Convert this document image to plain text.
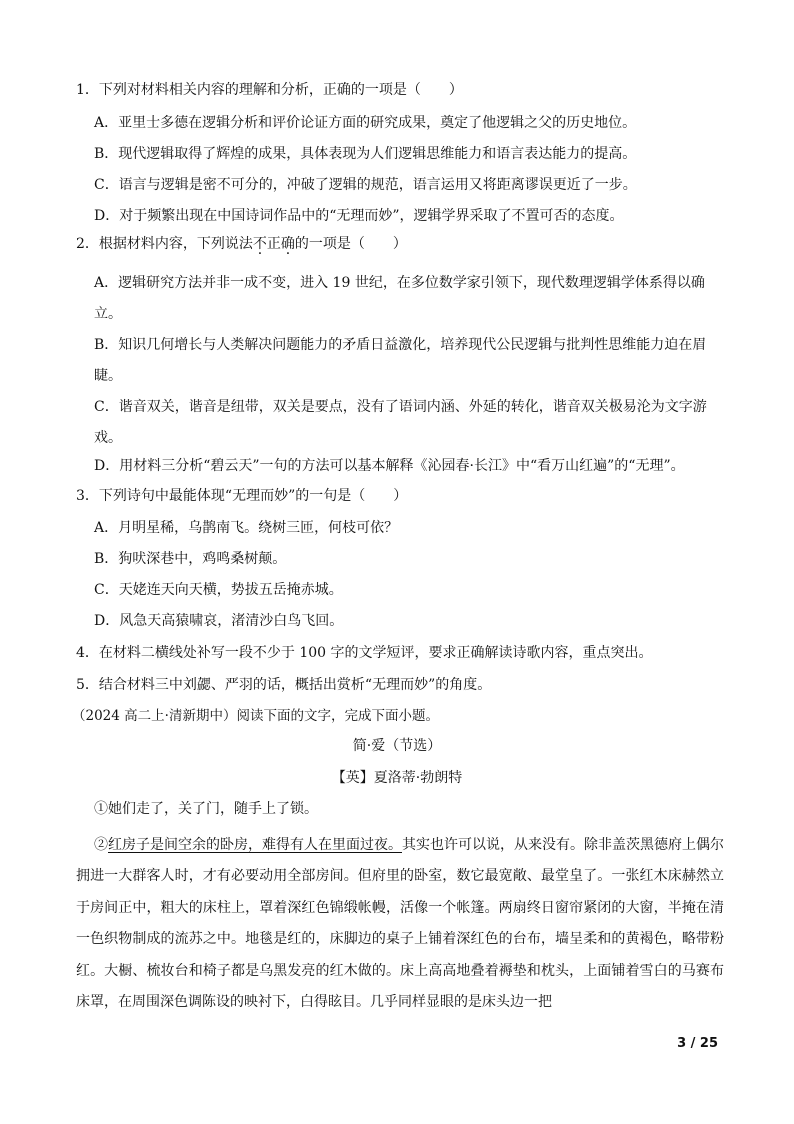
1．下列对材料相关内容的理解和分析，正确的一项是（　　）
A．亚里士多德在逻辑分析和评价论证方面的研究成果，奠定了他逻辑之父的历史地位。
B．现代逻辑取得了辉煌的成果，具体表现为人们逻辑思维能力和语言表达能力的提高。
C．语言与逻辑是密不可分的，冲破了逻辑的规范，语言运用又将距离谬误更近了一步。
D．对于频繁出现在中国诗词作品中的“无理而妙”，逻辑学界采取了不置可否的态度。
2．根据材料内容，下列说法不正确的一项是（　　）
A．逻辑研究方法并非一成不变，进入 19 世纪，在多位数学家引领下，现代数理逻辑学体系得以确立。
B．知识几何增长与人类解决问题能力的矛盾日益激化，培养现代公民逻辑与批判性思维能力迫在眉睫。
C．谐音双关，谐音是纽带，双关是要点，没有了语词内涵、外延的转化，谐音双关极易沦为文字游戏。
D．用材料三分析“碧云天”一句的方法可以基本解释《沁园春·长江》中“看万山红遍”的“无理”。
3．下列诗句中最能体现“无理而妙”的一句是（　　）
A．月明星稀，乌鹊南飞。绕树三匝，何枝可依？
B．狗吠深巷中，鸡鸣桑树颠。
C．天姥连天向天横，势拔五岳掩赤城。
D．风急天高猿啸哀，渚清沙白鸟飞回。
4．在材料二横线处补写一段不少于 100 字的文学短评，要求正确解读诗歌内容，重点突出。
5．结合材料三中刘勰、严羽的话，概括出赏析“无理而妙”的角度。
（2024 高二上·清新期中）阅读下面的文字，完成下面小题。
简·爱（节选）
【英】夏洛蒂·勃朗特
①她们走了，关了门，随手上了锁。
②红房子是间空余的卧房，难得有人在里面过夜。其实也许可以说，从来没有。除非盖茨黑德府上偶尔拥进一大群客人时，才有必要动用全部房间。但府里的卧室，数它最宽敞、最堂皇了。一张红木床赫然立于房间正中，粗大的床柱上，罩着深红色锦缎帐幔，活像一个帐篷。两扇终日窗帘紧闭的大窗，半掩在清一色织物制成的流苏之中。地毯是红的，床脚边的桌子上铺着深红色的台布，墙呈柔和的黄褐色，略带粉红。大橱、梳妆台和椅子都是乌黑发亮的红木做的。床上高高地叠着褥垫和枕头，上面铺着雪白的马赛布床罩，在周围深色调陈设的映衬下，白得眩目。几乎同样显眼的是床头边一把
3 / 25
